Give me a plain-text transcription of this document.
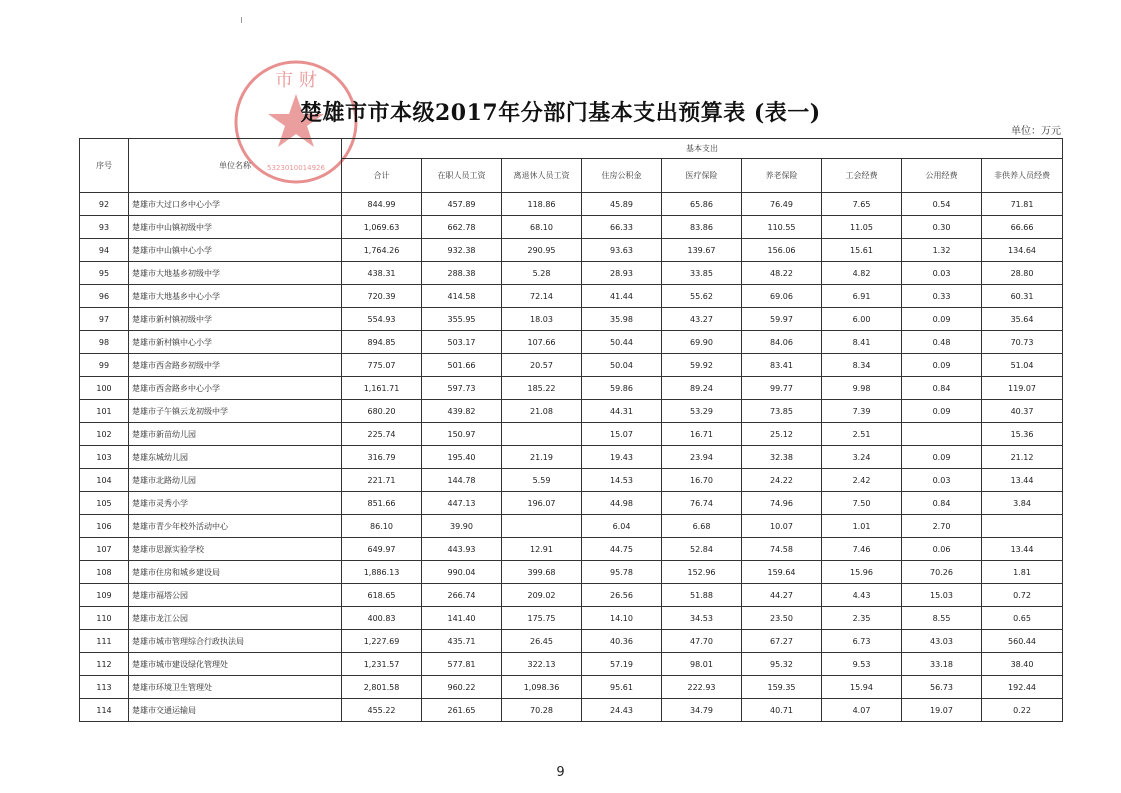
市 财
5323010014926
楚雄市市本级2017年分部门基本支出预算表 (表一)
单位：万元
序号	单位名称	基本支出								
		合计	在职人员工资	离退休人员工资	住房公积金	医疗保险	养老保险	工会经费	公用经费	非供养人员经费
92	楚雄市大过口乡中心小学	844.99	457.89	118.86	45.89	65.86	76.49	7.65	0.54	71.81
93	楚雄市中山镇初级中学	1,069.63	662.78	68.10	66.33	83.86	110.55	11.05	0.30	66.66
94	楚雄市中山镇中心小学	1,764.26	932.38	290.95	93.63	139.67	156.06	15.61	1.32	134.64
95	楚雄市大地基乡初级中学	438.31	288.38	5.28	28.93	33.85	48.22	4.82	0.03	28.80
96	楚雄市大地基乡中心小学	720.39	414.58	72.14	41.44	55.62	69.06	6.91	0.33	60.31
97	楚雄市新村镇初级中学	554.93	355.95	18.03	35.98	43.27	59.97	6.00	0.09	35.64
98	楚雄市新村镇中心小学	894.85	503.17	107.66	50.44	69.90	84.06	8.41	0.48	70.73
99	楚雄市西舍路乡初级中学	775.07	501.66	20.57	50.04	59.92	83.41	8.34	0.09	51.04
100	楚雄市西舍路乡中心小学	1,161.71	597.73	185.22	59.86	89.24	99.77	9.98	0.84	119.07
101	楚雄市子午镇云龙初级中学	680.20	439.82	21.08	44.31	53.29	73.85	7.39	0.09	40.37
102	楚雄市新苗幼儿园	225.74	150.97		15.07	16.71	25.12	2.51		15.36
103	楚雄东城幼儿园	316.79	195.40	21.19	19.43	23.94	32.38	3.24	0.09	21.12
104	楚雄市北路幼儿园	221.71	144.78	5.59	14.53	16.70	24.22	2.42	0.03	13.44
105	楚雄市灵秀小学	851.66	447.13	196.07	44.98	76.74	74.96	7.50	0.84	3.84
106	楚雄市青少年校外活动中心	86.10	39.90		6.04	6.68	10.07	1.01	2.70	
107	楚雄市思源实验学校	649.97	443.93	12.91	44.75	52.84	74.58	7.46	0.06	13.44
108	楚雄市住房和城乡建设局	1,886.13	990.04	399.68	95.78	152.96	159.64	15.96	70.26	1.81
109	楚雄市福塔公园	618.65	266.74	209.02	26.56	51.88	44.27	4.43	15.03	0.72
110	楚雄市龙江公园	400.83	141.40	175.75	14.10	34.53	23.50	2.35	8.55	0.65
111	楚雄市城市管理综合行政执法局	1,227.69	435.71	26.45	40.36	47.70	67.27	6.73	43.03	560.44
112	楚雄市城市建设绿化管理处	1,231.57	577.81	322.13	57.19	98.01	95.32	9.53	33.18	38.40
113	楚雄市环境卫生管理处	2,801.58	960.22	1,098.36	95.61	222.93	159.35	15.94	56.73	192.44
114	楚雄市交通运输局	455.22	261.65	70.28	24.43	34.79	40.71	4.07	19.07	0.22
9
